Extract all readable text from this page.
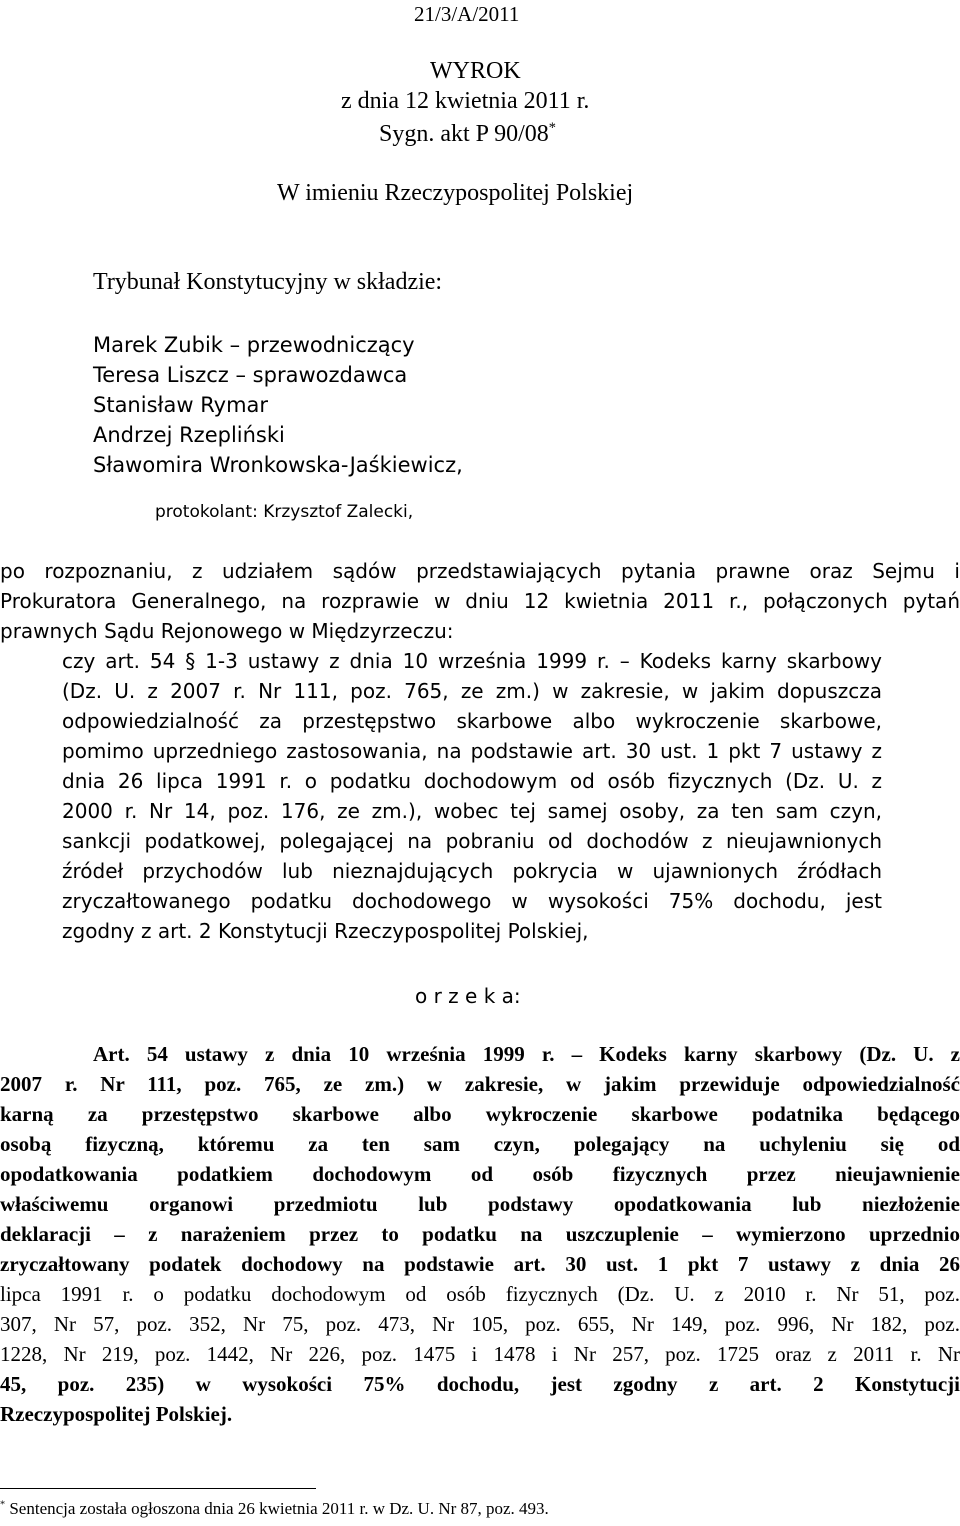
21/3/A/2011
WYROK
z dnia 12 kwietnia 2011 r.
Sygn. akt P 90/08*
W imieniu Rzeczypospolitej Polskiej
Trybunał Konstytucyjny w składzie:
Marek Zubik – przewodniczący
Teresa Liszcz – sprawozdawca
Stanisław Rymar
Andrzej Rzepliński
Sławomira Wronkowska-Jaśkiewicz,
protokolant: Krzysztof Zalecki,
po rozpoznaniu, z udziałem sądów przedstawiających pytania prawne oraz Sejmu i
Prokuratora Generalnego, na rozprawie w dniu 12 kwietnia 2011 r., połączonych pytań
prawnych Sądu Rejonowego w Międzyrzeczu:
czy art. 54 § 1-3 ustawy z dnia 10 września 1999 r. – Kodeks karny skarbowy
(Dz. U. z 2007 r. Nr 111, poz. 765, ze zm.) w zakresie, w jakim dopuszcza
odpowiedzialność za przestępstwo skarbowe albo wykroczenie skarbowe,
pomimo uprzedniego zastosowania, na podstawie art. 30 ust. 1 pkt 7 ustawy z
dnia 26 lipca 1991 r. o podatku dochodowym od osób fizycznych (Dz. U. z
2000 r. Nr 14, poz. 176, ze zm.), wobec tej samej osoby, za ten sam czyn,
sankcji podatkowej, polegającej na pobraniu od dochodów z nieujawnionych
źródeł przychodów lub nieznajdujących pokrycia w ujawnionych źródłach
zryczałtowanego podatku dochodowego w wysokości 75% dochodu, jest
zgodny z art. 2 Konstytucji Rzeczypospolitej Polskiej,
o r z e k a:
Art. 54 ustawy z dnia 10 września 1999 r. – Kodeks karny skarbowy (Dz. U. z
2007 r. Nr 111, poz. 765, ze zm.) w zakresie, w jakim przewiduje odpowiedzialność
karną za przestępstwo skarbowe albo wykroczenie skarbowe podatnika będącego
osobą fizyczną, któremu za ten sam czyn, polegający na uchyleniu się od
opodatkowania podatkiem dochodowym od osób fizycznych przez nieujawnienie
właściwemu organowi przedmiotu lub podstawy opodatkowania lub niezłożenie
deklaracji – z narażeniem przez to podatku na uszczuplenie – wymierzono uprzednio
zryczałtowany podatek dochodowy na podstawie art. 30 ust. 1 pkt 7 ustawy z dnia 26
lipca 1991 r. o podatku dochodowym od osób fizycznych (Dz. U. z 2010 r. Nr 51, poz.
307, Nr 57, poz. 352, Nr 75, poz. 473, Nr 105, poz. 655, Nr 149, poz. 996, Nr 182, poz.
1228, Nr 219, poz. 1442, Nr 226, poz. 1475 i 1478 i Nr 257, poz. 1725 oraz z 2011 r. Nr
45, poz. 235) w wysokości 75% dochodu, jest zgodny z art. 2 Konstytucji
Rzeczypospolitej Polskiej.
* Sentencja została ogłoszona dnia 26 kwietnia 2011 r. w Dz. U. Nr 87, poz. 493.
